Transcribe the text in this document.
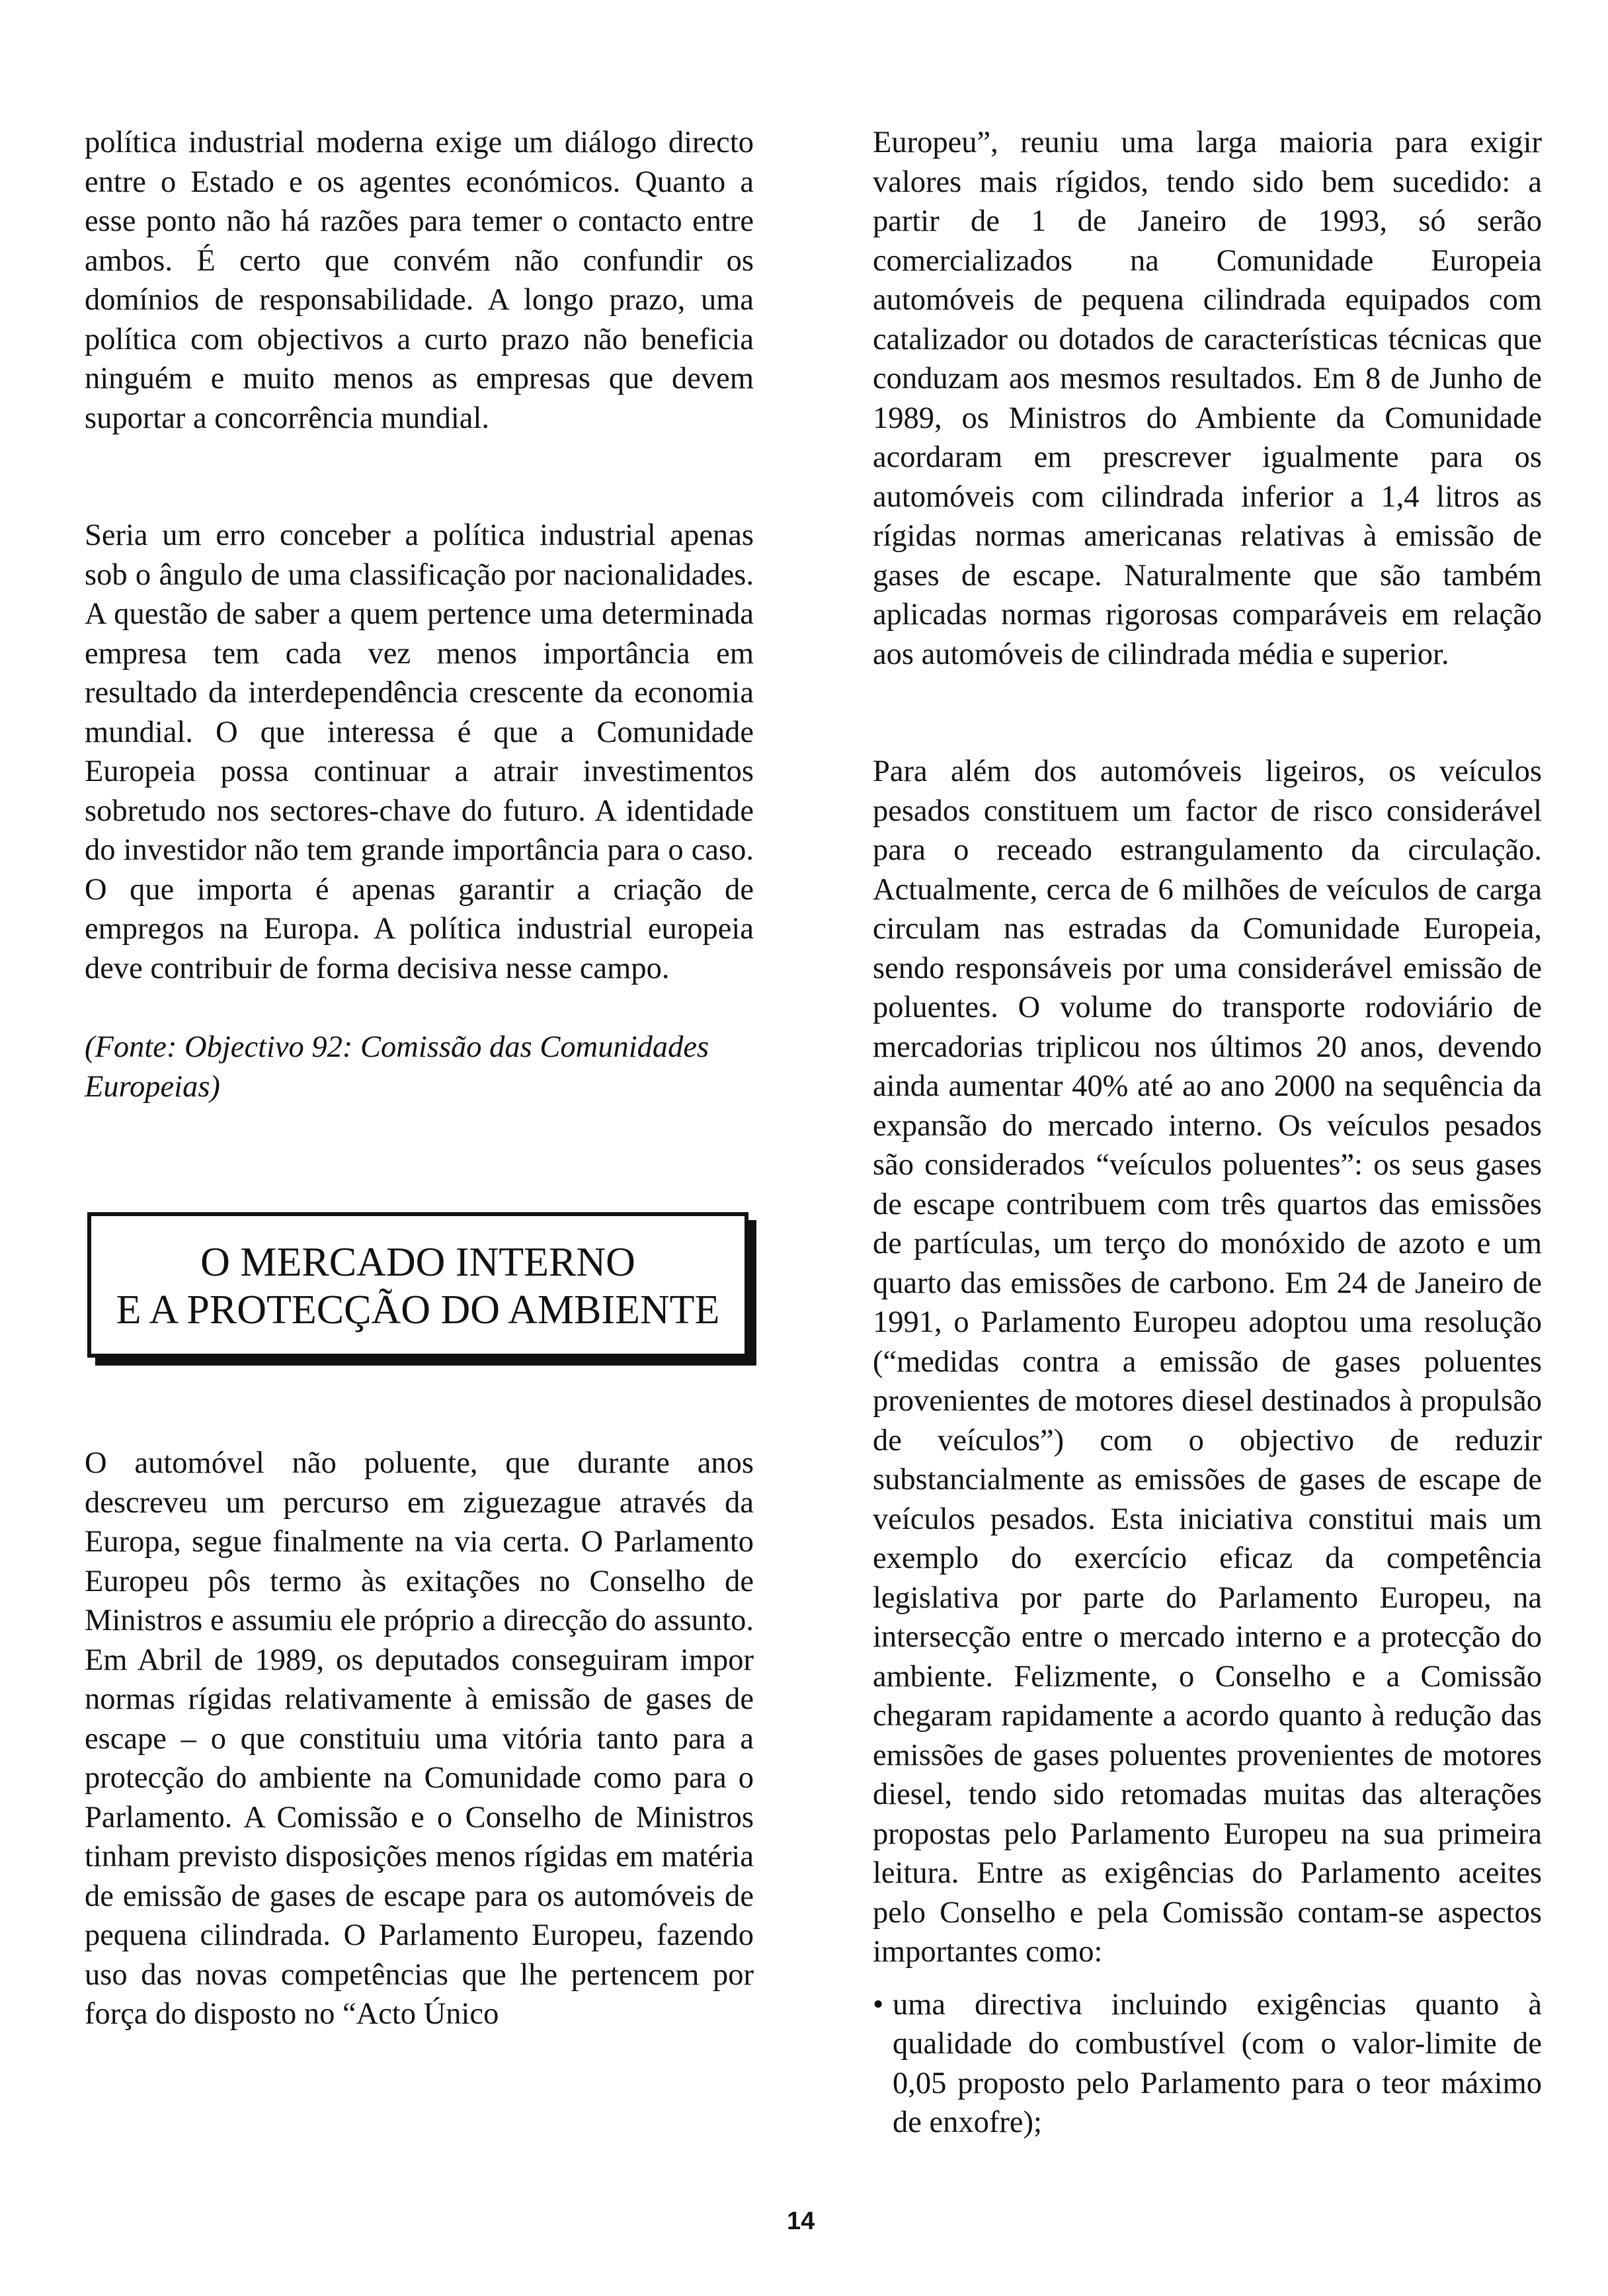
política industrial moderna exige um diálogo directo entre o Estado e os agentes económicos. Quanto a esse ponto não há razões para temer o contacto entre ambos. É certo que convém não confundir os domínios de responsabilidade. A longo prazo, uma política com objectivos a curto prazo não beneficia ninguém e muito menos as empresas que devem suportar a concorrência mundial.

Seria um erro conceber a política industrial apenas sob o ângulo de uma classificação por nacionalidades. A questão de saber a quem pertence uma determinada empresa tem cada vez menos importância em resultado da interdependência crescente da economia mundial. O que interessa é que a Comunidade Europeia possa continuar a atrair investimentos sobretudo nos sectores-chave do futuro. A identidade do investidor não tem grande importância para o caso. O que importa é apenas garantir a criação de empregos na Europa. A política industrial europeia deve contribuir de forma decisiva nesse campo.

(Fonte: Objectivo 92: Comissão das Comunidades Europeias)

O MERCADO INTERNO
E A PROTECÇÃO DO AMBIENTE

O automóvel não poluente, que durante anos descreveu um percurso em ziguezague através da Europa, segue finalmente na via certa. O Parlamento Europeu pôs termo às exitações no Conselho de Ministros e assumiu ele próprio a direcção do assunto. Em Abril de 1989, os deputados conseguiram impor normas rígidas relativamente à emissão de gases de escape – o que constituiu uma vitória tanto para a protecção do ambiente na Comunidade como para o Parlamento. A Comissão e o Conselho de Ministros tinham previsto disposições menos rígidas em matéria de emissão de gases de escape para os automóveis de pequena cilindrada. O Parlamento Europeu, fazendo uso das novas competências que lhe pertencem por força do disposto no “Acto Único

Europeu”, reuniu uma larga maioria para exigir valores mais rígidos, tendo sido bem sucedido: a partir de 1 de Janeiro de 1993, só serão comercializados na Comunidade Europeia automóveis de pequena cilindrada equipados com catalizador ou dotados de características técnicas que conduzam aos mesmos resultados. Em 8 de Junho de 1989, os Ministros do Ambiente da Comunidade acordaram em prescrever igualmente para os automóveis com cilindrada inferior a 1,4 litros as rígidas normas americanas relativas à emissão de gases de escape. Naturalmente que são também aplicadas normas rigorosas comparáveis em relação aos automóveis de cilindrada média e superior.

Para além dos automóveis ligeiros, os veículos pesados constituem um factor de risco considerável para o receado estrangulamento da circulação. Actualmente, cerca de 6 milhões de veículos de carga circulam nas estradas da Comunidade Europeia, sendo responsáveis por uma considerável emissão de poluentes. O volume do transporte rodoviário de mercadorias triplicou nos últimos 20 anos, devendo ainda aumentar 40% até ao ano 2000 na sequência da expansão do mercado interno. Os veículos pesados são considerados “veículos poluentes”: os seus gases de escape contribuem com três quartos das emissões de partículas, um terço do monóxido de azoto e um quarto das emissões de carbono. Em 24 de Janeiro de 1991, o Parlamento Europeu adoptou uma resolução (“medidas contra a emissão de gases poluentes provenientes de motores diesel destinados à propulsão de veículos”) com o objectivo de reduzir substancialmente as emissões de gases de escape de veículos pesados. Esta iniciativa constitui mais um exemplo do exercício eficaz da competência legislativa por parte do Parlamento Europeu, na intersecção entre o mercado interno e a protecção do ambiente. Felizmente, o Conselho e a Comissão chegaram rapidamente a acordo quanto à redução das emissões de gases poluentes provenientes de motores diesel, tendo sido retomadas muitas das alterações propostas pelo Parlamento Europeu na sua primeira leitura. Entre as exigências do Parlamento aceites pelo Conselho e pela Comissão contam-se aspectos importantes como:

• uma directiva incluindo exigências quanto à qualidade do combustível (com o valor-limite de 0,05 proposto pelo Parlamento para o teor máximo de enxofre);
14
